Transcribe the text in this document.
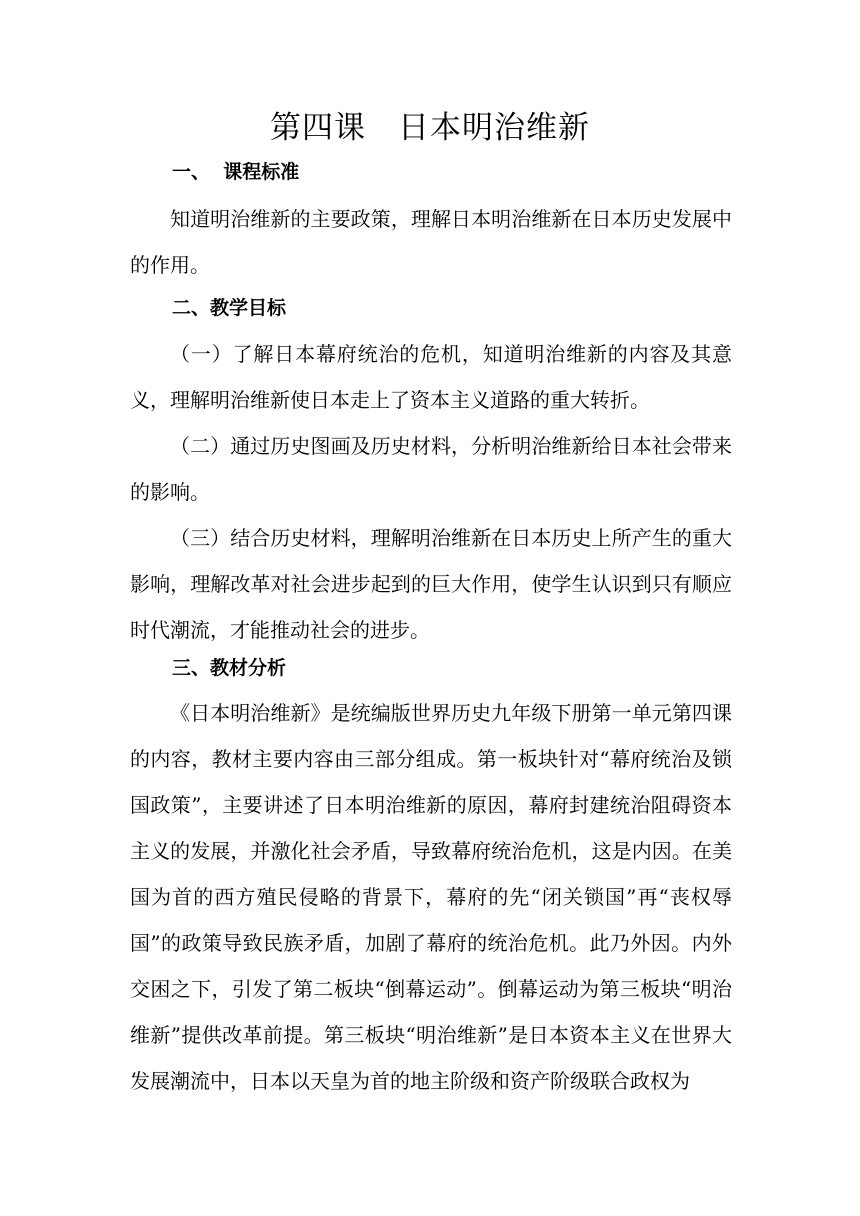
第四课　日本明治维新
一、  课程标准
知道明治维新的主要政策，理解日本明治维新在日本历史发展中的作用。
二、教学目标
（一）了解日本幕府统治的危机，知道明治维新的内容及其意义，理解明治维新使日本走上了资本主义道路的重大转折。
（二）通过历史图画及历史材料，分析明治维新给日本社会带来的影响。
（三）结合历史材料，理解明治维新在日本历史上所产生的重大影响，理解改革对社会进步起到的巨大作用，使学生认识到只有顺应时代潮流，才能推动社会的进步。
三、教材分析
《日本明治维新》是统编版世界历史九年级下册第一单元第四课的内容，教材主要内容由三部分组成。第一板块针对“幕府统治及锁国政策”，主要讲述了日本明治维新的原因，幕府封建统治阻碍资本主义的发展，并激化社会矛盾，导致幕府统治危机，这是内因。在美国为首的西方殖民侵略的背景下，幕府的先“闭关锁国”再“丧权辱国”的政策导致民族矛盾，加剧了幕府的统治危机。此乃外因。内外交困之下，引发了第二板块“倒幕运动”。倒幕运动为第三板块“明治维新”提供改革前提。第三板块“明治维新”是日本资本主义在世界大发展潮流中，日本以天皇为首的地主阶级和资产阶级联合政权为
